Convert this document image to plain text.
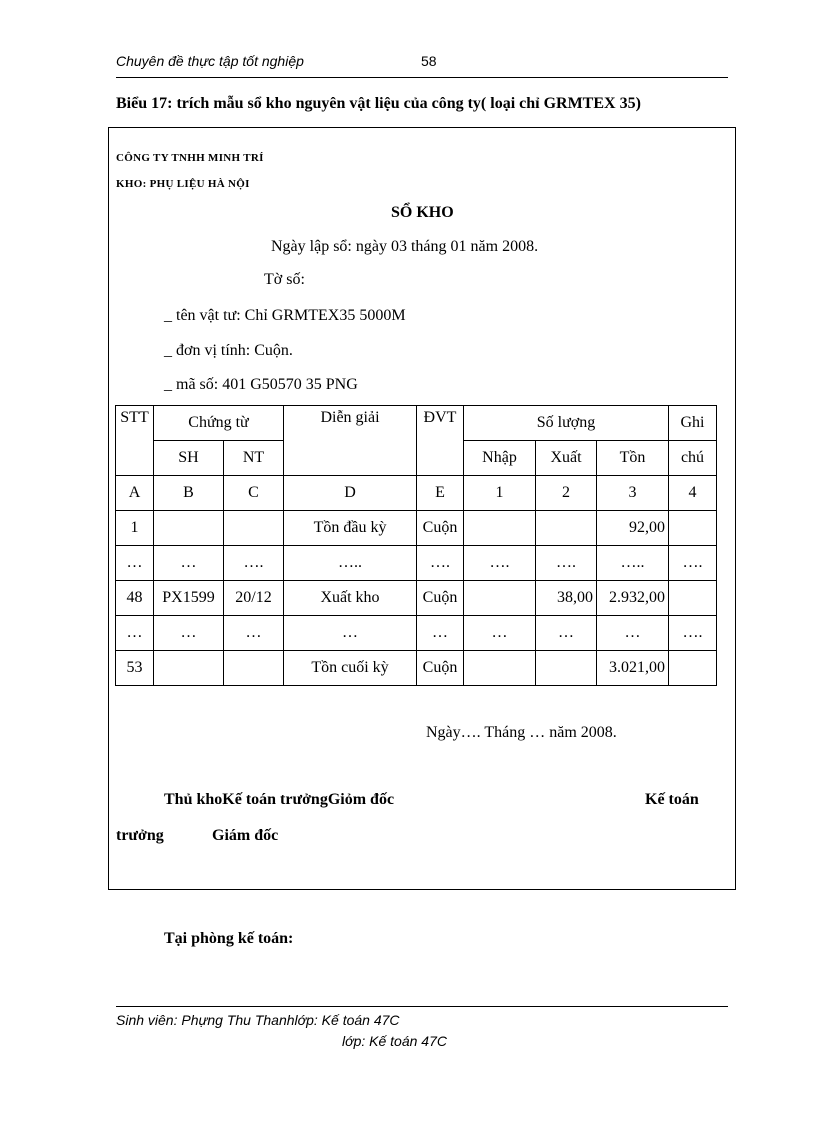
Chuyên đề thực tập tốt nghiệp	58
Biểu 17: trích mẫu sổ kho nguyên vật liệu của công ty( loại chỉ GRMTEX 35)
CÔNG TY TNHH MINH TRÍ
KHO: PHỤ LIỆU HÀ NỘI
SỔ KHO
Ngày lập sổ: ngày 03 tháng 01 năm 2008.
Tờ số:
_ tên vật tư: Chỉ GRMTEX35 5000M
_ đơn vị tính: Cuộn.
_ mã số: 401 G50570 35 PNG
STT	Chứng từ		Diễn giải	ĐVT	Số lượng			Ghi
	SH	NT			Nhập	Xuất	Tồn	chú
A	B	C	D	E	1	2	3	4
1			Tồn đầu kỳ	Cuộn			92,00	
…	…	….	…..	….	….	….	…..	….
48	PX1599	20/12	Xuất kho	Cuộn		38,00	2.932,00	
…	…	…	…	…	…	…	…	….
53			Tồn cuối kỳ	Cuộn			3.021,00	
Ngày…. Tháng … năm 2008.
Thủ khoKế toán trưởngGiỏm đốc	Kế toán
trưởng	Giám đốc
Tại phòng kế toán:
Sinh viên: Phựng Thu Thanhlớp: Kế toán 47C
lớp: Kế toán 47C
